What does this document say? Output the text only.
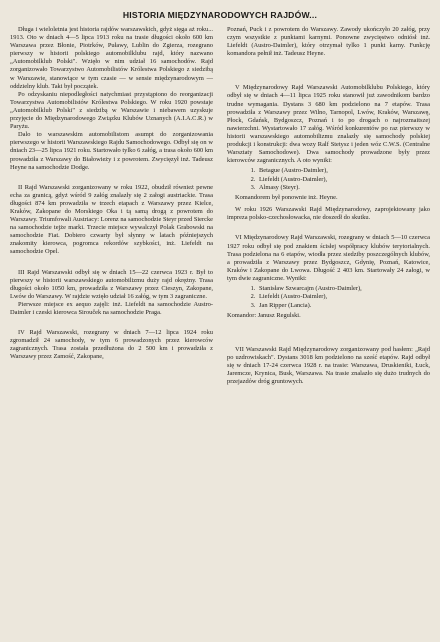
HISTORIA MIĘDZYNARODOWYCH RAJDÓW...

Długa i wieloletnia jest historia rajdów warszawskich, gdyż sięga aż roku... 1913. Oto w dniach 4—5 lipca 1913 roku na trasie długości około 600 km Warszawa przez Błonie, Piotrków, Puławy, Lublin do Zgierza, rozegrano pierwszy w historii polskiego automobilklubu rajd, który nazwano „Automobilklub Polski". Wzięło w nim udział 16 samochodów. Rajd zorganizowało Towarzystwo Automobilistów Królestwa Polskiego z siedzibą w Warszawie, stanowiące w tym czasie — w sensie międzynarodowym — oddzielny klub. Taki był początek.

Po odzyskaniu niepodległości natychmiast przystąpiono do reorganizacji Towarzystwa Automobilistów Królestwa Polskiego. W roku 1920 powstaje „Automobilklub Polski" z siedzibą w Warszawie i niebawem uzyskuje przyjęcie do Międzynarodowego Związku Klubów Uznanych (A.I.A.C.R.) w Paryżu.

Dalo to warszawskim automobilistom asumpt do zorganizowania pierwszego w historii Warszawskiego Rajdu Samochodowego. Odbył się on w dniach 23—25 lipca 1921 roku. Startowało tylko 6 załóg, a trasa około 600 km prowadziła z Warszawy do Białowieży i z powrotem. Zwycięzył inż. Tadeusz Heyne na samochodzie Dodge.

II Rajd Warszawski zorganizowany w roku 1922, obudził również pewne echa za granicą, gdyż wśród 9 załóg znalazły się 2 załogi austriackie. Trasa długości 874 km prowadziła w trzech etapach z Warszawy przez Kielce, Kraków, Zakopane do Morskiego Oka i tą samą drogą z powrotem do Warszawy. Triumfowali Austriacy: Lorenz na samochodzie Steyr przed Siercke na samochodzie tejże marki. Trzecie miejsce wywalczył Polak Grabowski na samochodzie Fiat. Dobiero czwarty był słynny w latach późniejszych znakomity kierowca, pogromca rekordów szybkości, inż. Liefeldt na samochodzie Opel.

III Rajd Warszawski odbył się w dniach 15—22 czerwca 1923 r. Był to pierwszy w historii warszawskiego automobilizmu duży rajd okrężny. Trasa długości około 1050 km, prowadziła z Warszawy przez Cieszyn, Zakopane, Lwów do Warszawy. W rajdzie wzięło udział 16 załóg, w tym 3 zagraniczne.

Pierwsze miejsce ex aequo zajęli: inż. Liefeldt na samochodzie Austro-Daimler i czeski kierowca Sirouček na samochodzie Praga.

IV Rajd Warszawski, rozegrany w dniach 7—12 lipca 1924 roku zgromadził 24 samochody, w tym 6 prowadzonych przez kierowców zagranicznych. Trasa została przedłużona do 2 500 km i prowadziła z Warszawy przez Zamość, Zakopane,

Poznań, Puck i z powrotem do Warszawy. Zawody ukończyło 20 załóg, przy czym wszystkie z punktami karnymi. Ponowne zwycięstwo odniósł inż. Liefeldt (Austro-Daimler), który otrzymał tylko 1 punkt karny. Funkcję komandora pełnił inż. Tadeusz Heyne.

V Międzynarodowy Rajd Warszawski Automobilklubu Polskiego, który odbył się w dniach 4—11 lipca 1925 roku stanowił już zawodnikom bardzo trudne wymagania. Dystans 3 680 km podzielono na 7 etapów. Trasa prowadziła z Warszawy przez Wilno, Tarnopol, Lwów, Kraków, Warszawę, Płock, Gdańsk, Bydgoszcz, Poznań i to po drogach o najrozmaitszej nawierzchni. Wystartowało 17 załóg. Wśród konkurentów po raz pierwszy w historii warszawskiego automobilizmu znalazły się samochody polskiej produkcji i konstrukcji: dwa wozy Ralf Stetysz i jeden wóz C.W.S. (Centralne Warsztaty Samochodowe). Dwa samochody prowadzone były przez kierowców zagranicznych. A oto wyniki:

1. Betague (Austro-Daimler),
2. Liefeldt (Austro-Daimler),
3. Almasy (Steyr).

Komandorem był ponownie inż. Heyne.

W roku 1926 Warszawski Rajd Międzynarodowy, zaprojektowany jako impreza polsko-czechosłowacka, nie doszedł do skutku.

VI Międzynarodowy Rajd Warszawski, rozegrany w dniach 5—10 czerwca 1927 roku odbył się pod znakiem ścisłej współpracy klubów terytorialnych. Trasa podzielona na 6 etapów, wiodła przez siedziby poszczególnych klubów, a prowadziła z Warszawy przez Bydgoszcz, Gdynię, Poznań, Katowice, Kraków i Zakopane do Lwowa. Długość 2 403 km. Startowały 24 załogi, w tym dwie zagraniczne. Wyniki:

1. Stanisław Szwarcajm (Austro-Daimler),
2. Liefeldt (Austro-Daimler),
3. Jan Ripper (Lancia).

Komandor: Janusz Regulski.

VII Warszawski Rajd Międzynarodowy zorganizowany pod hasłem: „Rajd po uzdrowiskach". Dystans 3018 km podzielono na sześć etapów. Rajd odbył się w dniach 17-24 czerwca 1928 r. na trasie: Warszawa, Druskieniki, Łuck, Jaremcze, Krynica, Busk, Warszawa. Na trasie znalazło się dużo trudnych do przejazdów dróg gruntowych.
